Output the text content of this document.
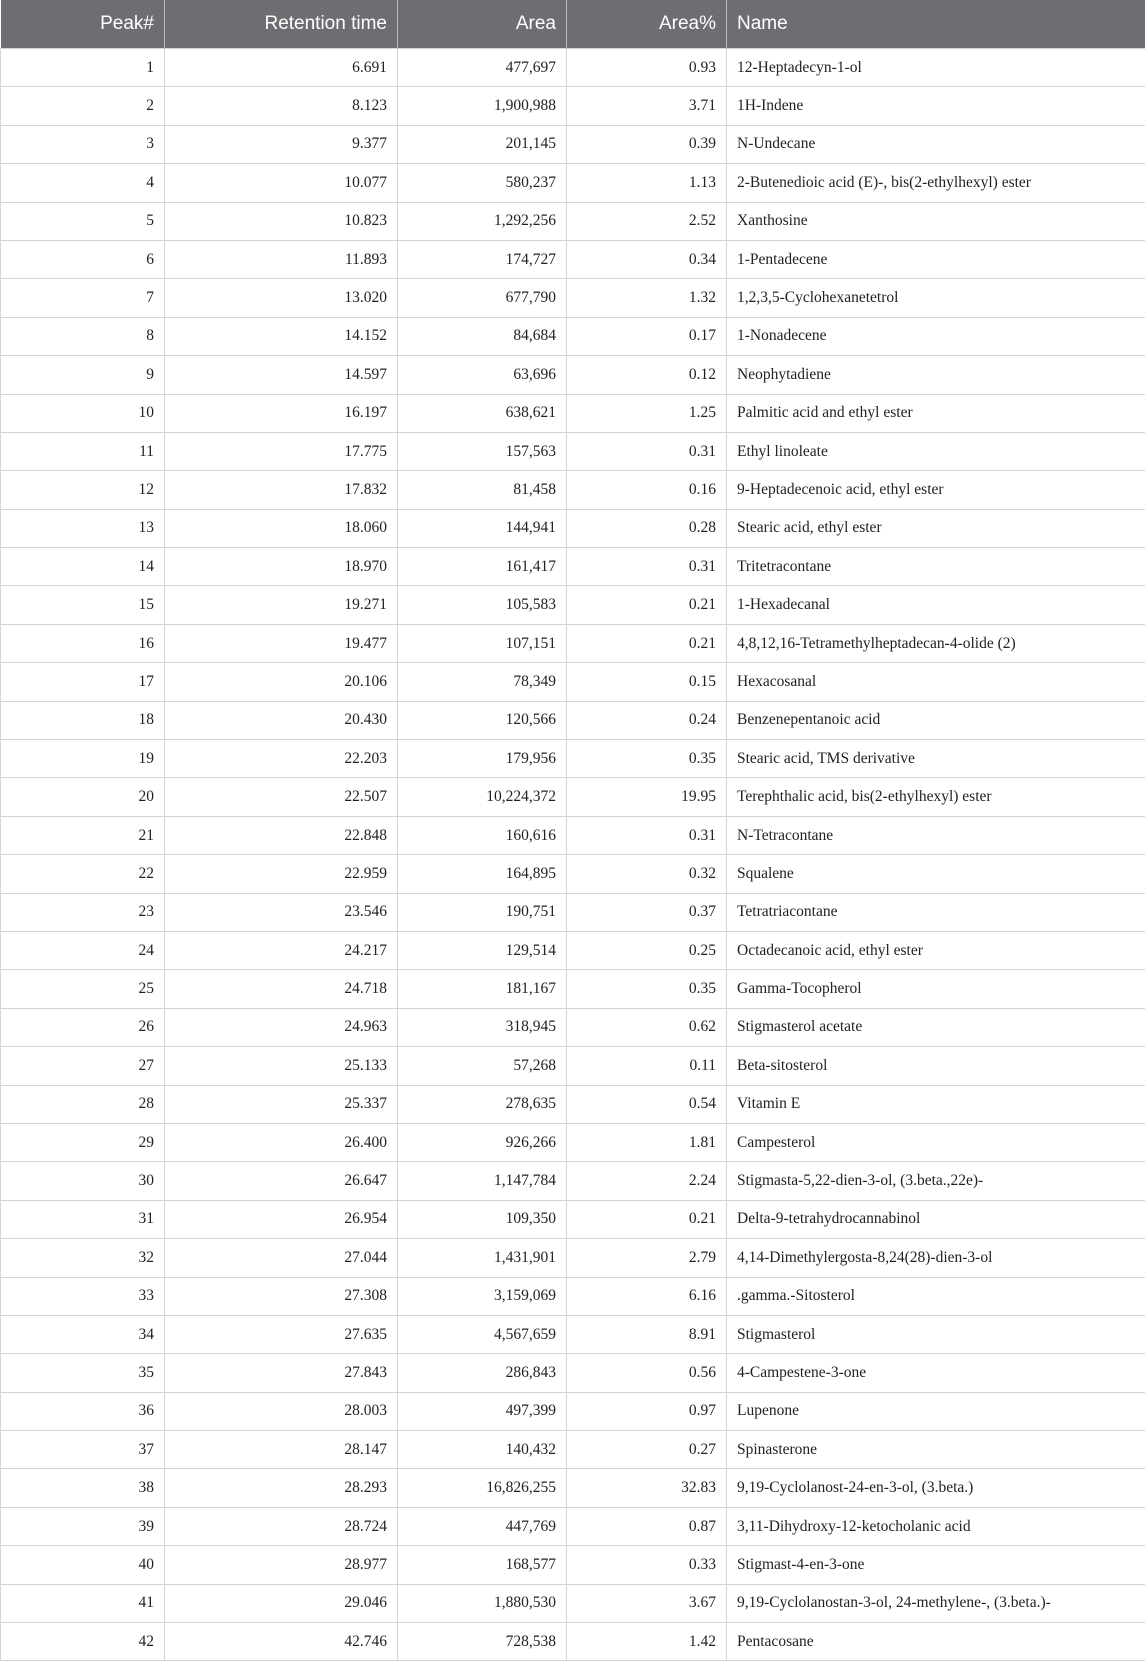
Peak#	Retention time	Area	Area%	Name
1	6.691	477,697	0.93	12-Heptadecyn-1-ol
2	8.123	1,900,988	3.71	1H-Indene
3	9.377	201,145	0.39	N-Undecane
4	10.077	580,237	1.13	2-Butenedioic acid (E)-, bis(2-ethylhexyl) ester
5	10.823	1,292,256	2.52	Xanthosine
6	11.893	174,727	0.34	1-Pentadecene
7	13.020	677,790	1.32	1,2,3,5-Cyclohexanetetrol
8	14.152	84,684	0.17	1-Nonadecene
9	14.597	63,696	0.12	Neophytadiene
10	16.197	638,621	1.25	Palmitic acid and ethyl ester
11	17.775	157,563	0.31	Ethyl linoleate
12	17.832	81,458	0.16	9-Heptadecenoic acid, ethyl ester
13	18.060	144,941	0.28	Stearic acid, ethyl ester
14	18.970	161,417	0.31	Tritetracontane
15	19.271	105,583	0.21	1-Hexadecanal
16	19.477	107,151	0.21	4,8,12,16-Tetramethylheptadecan-4-olide (2)
17	20.106	78,349	0.15	Hexacosanal
18	20.430	120,566	0.24	Benzenepentanoic acid
19	22.203	179,956	0.35	Stearic acid, TMS derivative
20	22.507	10,224,372	19.95	Terephthalic acid, bis(2-ethylhexyl) ester
21	22.848	160,616	0.31	N-Tetracontane
22	22.959	164,895	0.32	Squalene
23	23.546	190,751	0.37	Tetratriacontane
24	24.217	129,514	0.25	Octadecanoic acid, ethyl ester
25	24.718	181,167	0.35	Gamma-Tocopherol
26	24.963	318,945	0.62	Stigmasterol acetate
27	25.133	57,268	0.11	Beta-sitosterol
28	25.337	278,635	0.54	Vitamin E
29	26.400	926,266	1.81	Campesterol
30	26.647	1,147,784	2.24	Stigmasta-5,22-dien-3-ol, (3.beta.,22e)-
31	26.954	109,350	0.21	Delta-9-tetrahydrocannabinol
32	27.044	1,431,901	2.79	4,14-Dimethylergosta-8,24(28)-dien-3-ol
33	27.308	3,159,069	6.16	.gamma.-Sitosterol
34	27.635	4,567,659	8.91	Stigmasterol
35	27.843	286,843	0.56	4-Campestene-3-one
36	28.003	497,399	0.97	Lupenone
37	28.147	140,432	0.27	Spinasterone
38	28.293	16,826,255	32.83	9,19-Cyclolanost-24-en-3-ol, (3.beta.)
39	28.724	447,769	0.87	3,11-Dihydroxy-12-ketocholanic acid
40	28.977	168,577	0.33	Stigmast-4-en-3-one
41	29.046	1,880,530	3.67	9,19-Cyclolanostan-3-ol, 24-methylene-, (3.beta.)-
42	42.746	728,538	1.42	Pentacosane
